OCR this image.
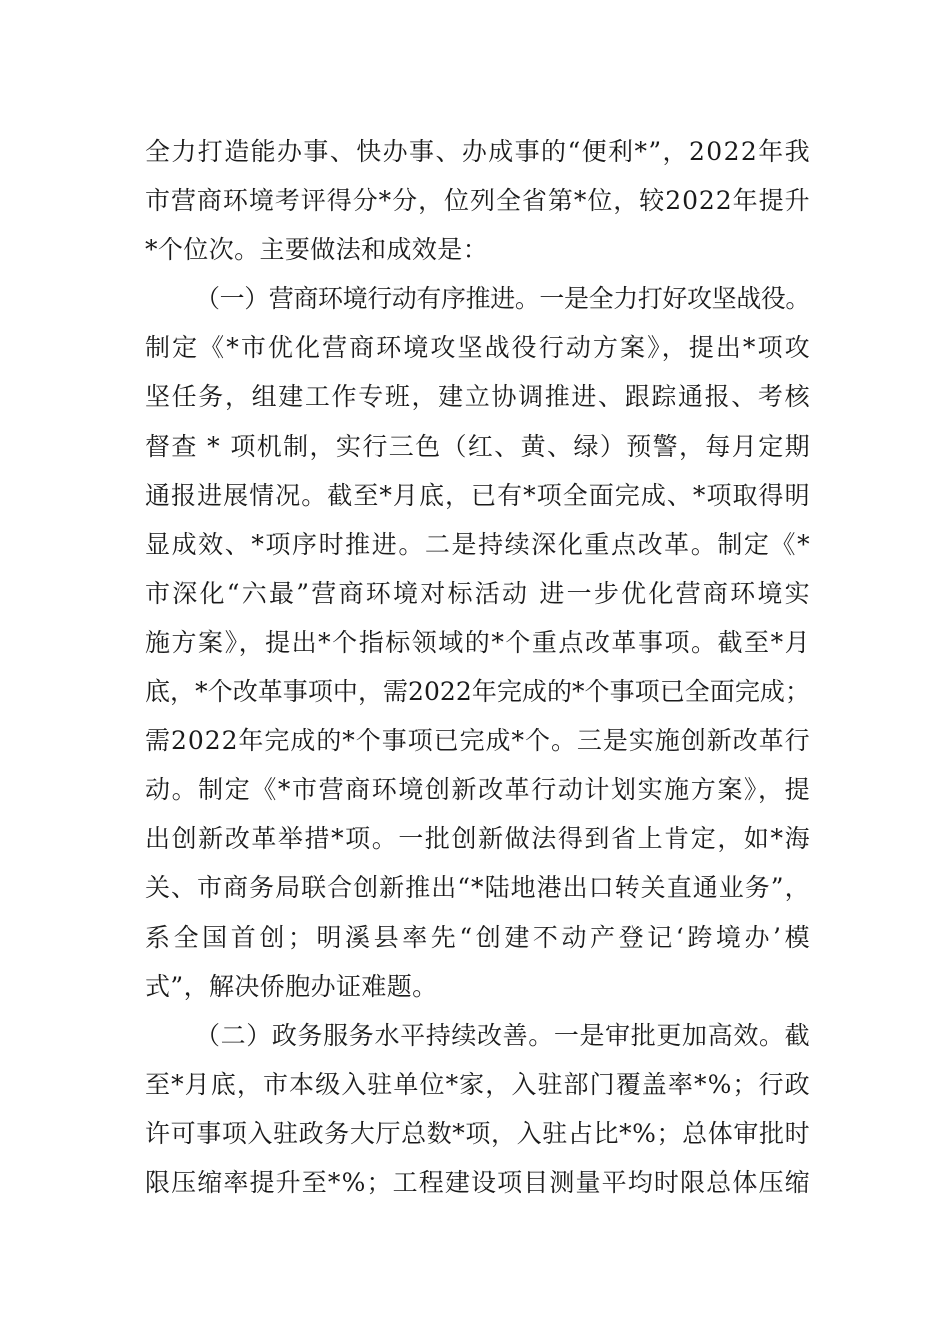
全力打造能办事、快办事、办成事的“便利*”，2022年我
市营商环境考评得分*分，位列全省第*位，较2022年提升
*个位次。主要做法和成效是：
（一）营商环境行动有序推进。一是全力打好攻坚战役。
制定《*市优化营商环境攻坚战役行动方案》，提出*项攻
坚任务，组建工作专班，建立协调推进、跟踪通报、考核
督查 * 项机制，实行三色（红、黄、绿）预警，每月定期
通报进展情况。截至*月底，已有*项全面完成、*项取得明
显成效、*项序时推进。二是持续深化重点改革。制定《*
市深化“六最”营商环境对标活动 进一步优化营商环境实
施方案》，提出*个指标领域的*个重点改革事项。截至*月
底，*个改革事项中，需2022年完成的*个事项已全面完成；
需2022年完成的*个事项已完成*个。三是实施创新改革行
动。制定《*市营商环境创新改革行动计划实施方案》，提
出创新改革举措*项。一批创新做法得到省上肯定，如*海
关、市商务局联合创新推出“*陆地港出口转关直通业务”，
系全国首创；明溪县率先“创建不动产登记‘跨境办’模
式”，解决侨胞办证难题。
（二）政务服务水平持续改善。一是审批更加高效。截
至*月底，市本级入驻单位*家，入驻部门覆盖率*%；行政
许可事项入驻政务大厅总数*项，入驻占比*%；总体审批时
限压缩率提升至*%；工程建设项目测量平均时限总体压缩
